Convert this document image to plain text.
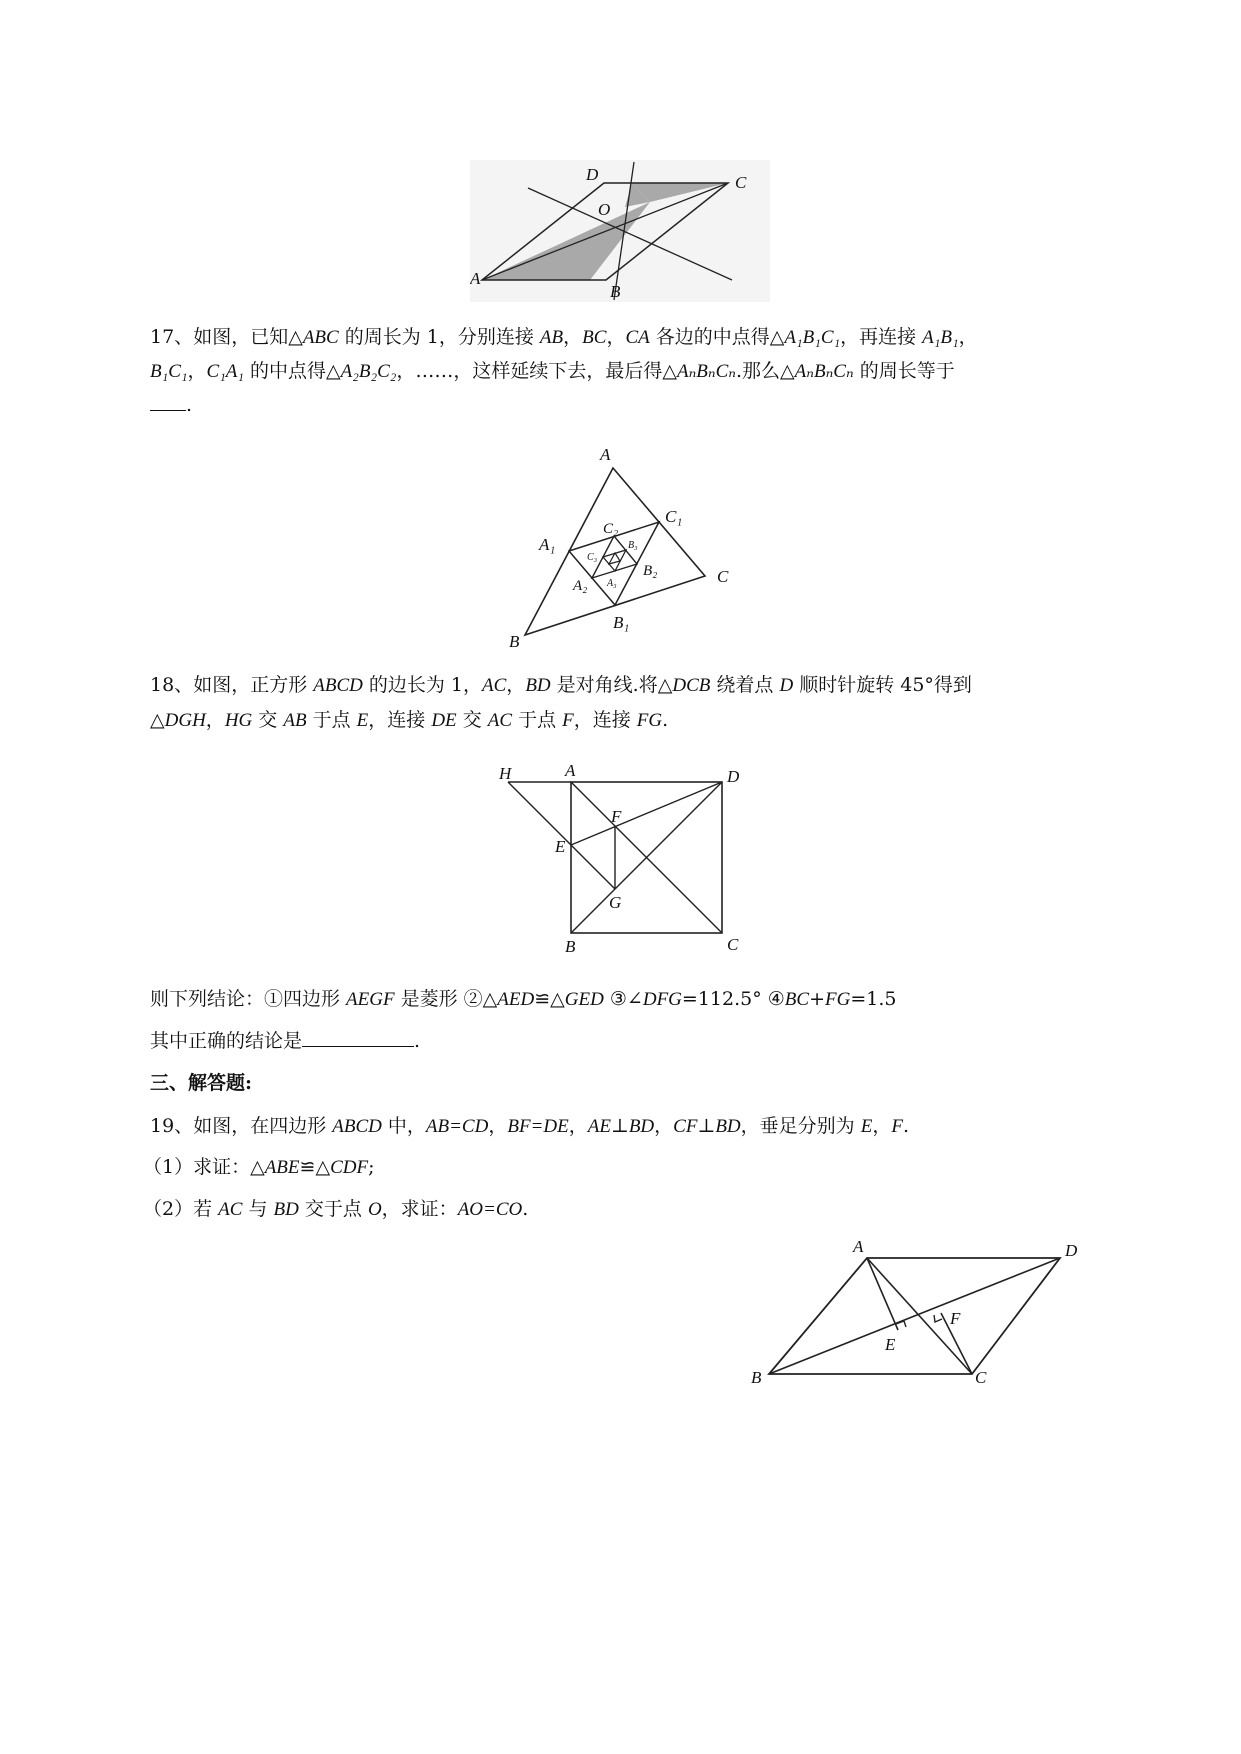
D	C
O
A
B
17、如图，已知△ABC 的周长为 1，分别连接 AB，BC，CA 各边的中点得△A₁B₁C₁，再连接 A₁B₁，
B₁C₁，C₁A₁ 的中点得△A₂B₂C₂，……，这样延续下去，最后得△AₙBₙCₙ.那么△AₙBₙCₙ 的周长等于
.
A
B
C
A₁
B₁
C₁
A₂
B₂
C₂
A₃
B₃
C₃
18、如图，正方形 ABCD 的边长为 1，AC，BD 是对角线.将△DCB 绕着点 D 顺时针旋转 45°得到
△DGH，HG 交 AB 于点 E，连接 DE 交 AC 于点 F，连接 FG.
H	A	D
F
E
G
B	C
则下列结论：①四边形 AEGF 是菱形 ②△AED≌△GED ③∠DFG=112.5° ④BC+FG=1.5
其中正确的结论是	.
三、解答题:
19、如图，在四边形 ABCD 中，AB=CD，BF=DE，AE⊥BD，CF⊥BD，垂足分别为 E，F.
（1）求证：△ABE≌△CDF;
（2）若 AC 与 BD 交于点 O，求证：AO=CO.
A	D
B	C
E
F
